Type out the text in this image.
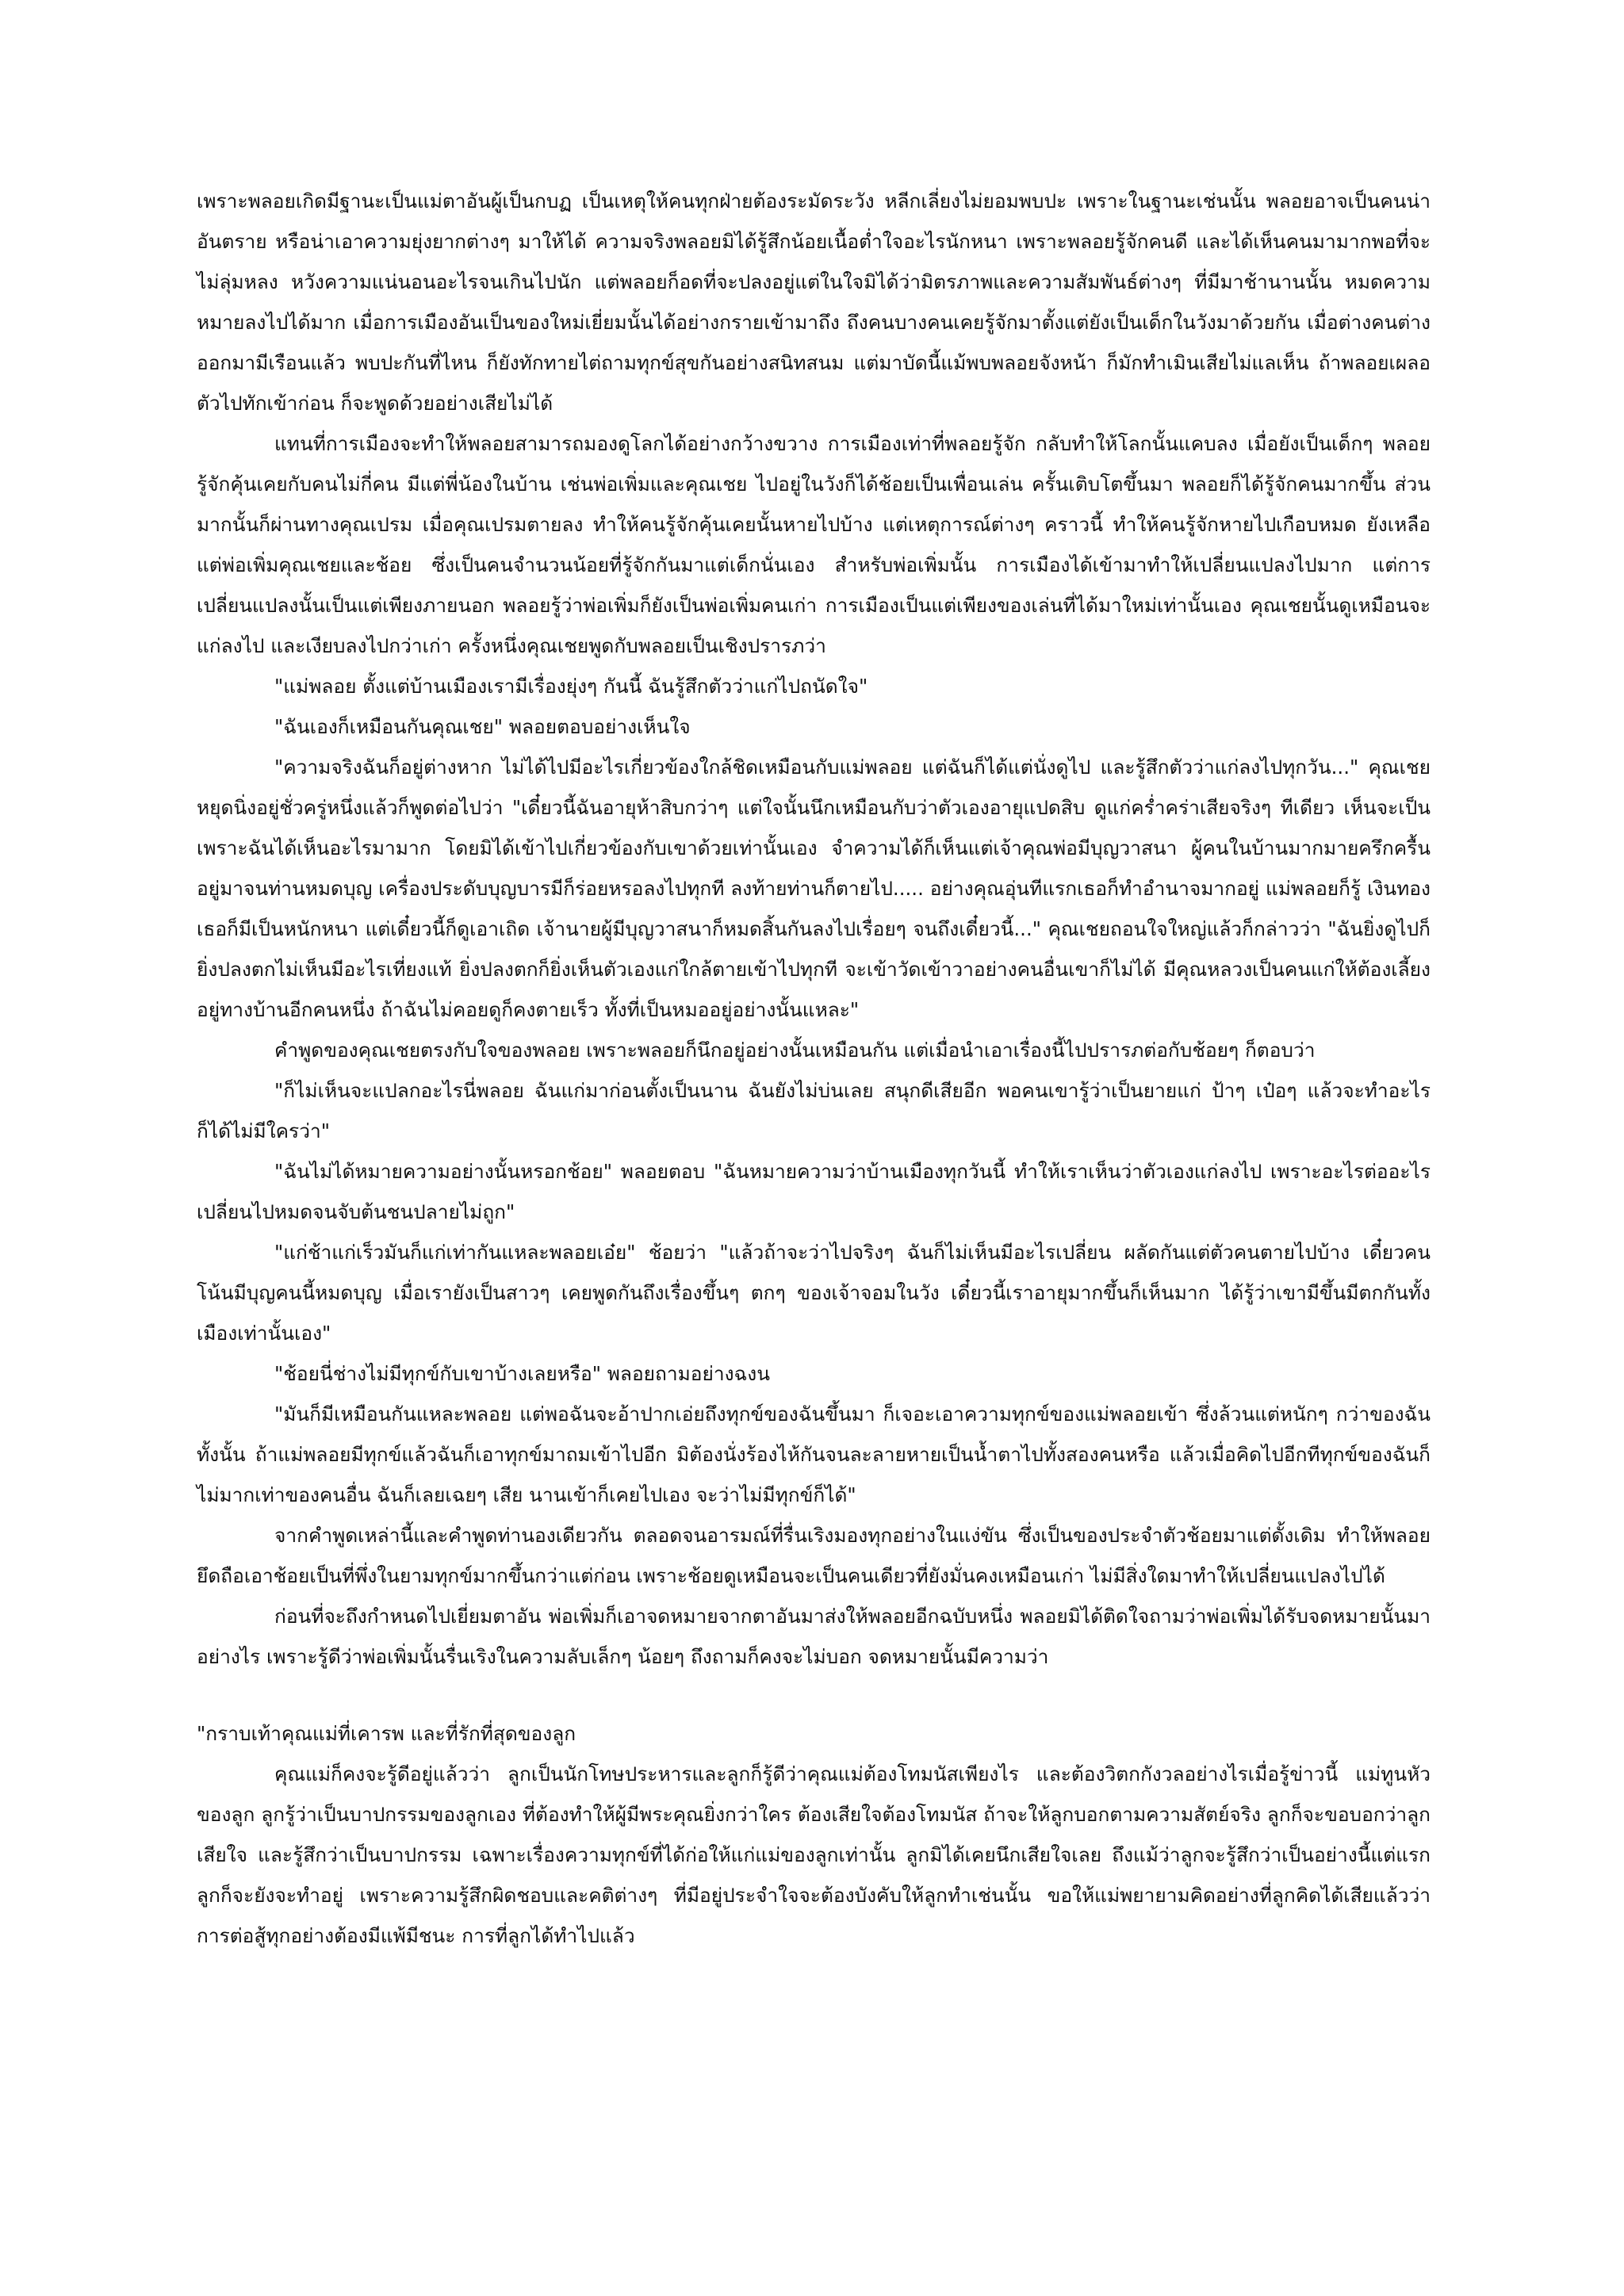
เพราะพลอยเกิดมีฐานะเป็นแม่ตาอันผู้เป็นกบฏ เป็นเหตุให้คนทุกฝ่ายต้องระมัดระวัง หลีกเลี่ยงไม่ยอมพบปะ เพราะในฐานะเช่นนั้น พลอยอาจเป็นคนน่าอันตราย หรือน่าเอาความยุ่งยากต่างๆ มาให้ได้ ความจริงพลอยมิได้รู้สึกน้อยเนื้อต่ำใจอะไรนักหนา เพราะพลอยรู้จักคนดี และได้เห็นคนมามากพอที่จะไม่ลุ่มหลง หวังความแน่นอนอะไรจนเกินไปนัก แต่พลอยก็อดที่จะปลงอยู่แต่ในใจมิได้ว่ามิตรภาพและความสัมพันธ์ต่างๆ ที่มีมาช้านานนั้น หมดความหมายลงไปได้มาก เมื่อการเมืองอันเป็นของใหม่เยี่ยมนั้นได้อย่างกรายเข้ามาถึง ถึงคนบางคนเคยรู้จักมาตั้งแต่ยังเป็นเด็กในวังมาด้วยกัน เมื่อต่างคนต่างออกมามีเรือนแล้ว พบปะกันที่ไหน ก็ยังทักทายไต่ถามทุกข์สุขกันอย่างสนิทสนม แต่มาบัดนี้แม้พบพลอยจังหน้า ก็มักทำเมินเสียไม่แลเห็น ถ้าพลอยเผลอตัวไปทักเข้าก่อน ก็จะพูดด้วยอย่างเสียไม่ได้

แทนที่การเมืองจะทำให้พลอยสามารถมองดูโลกได้อย่างกว้างขวาง การเมืองเท่าที่พลอยรู้จัก กลับทำให้โลกนั้นแคบลง เมื่อยังเป็นเด็กๆ พลอยรู้จักคุ้นเคยกับคนไม่กี่คน มีแต่พี่น้องในบ้าน เช่นพ่อเพิ่มและคุณเชย ไปอยู่ในวังก็ได้ช้อยเป็นเพื่อนเล่น ครั้นเติบโตขึ้นมา พลอยก็ได้รู้จักคนมากขึ้น ส่วนมากนั้นก็ผ่านทางคุณเปรม เมื่อคุณเปรมตายลง ทำให้คนรู้จักคุ้นเคยนั้นหายไปบ้าง แต่เหตุการณ์ต่างๆ คราวนี้ ทำให้คนรู้จักหายไปเกือบหมด ยังเหลือแต่พ่อเพิ่มคุณเชยและช้อย ซึ่งเป็นคนจำนวนน้อยที่รู้จักกันมาแต่เด็กนั่นเอง สำหรับพ่อเพิ่มนั้น การเมืองได้เข้ามาทำให้เปลี่ยนแปลงไปมาก แต่การเปลี่ยนแปลงนั้นเป็นแต่เพียงภายนอก พลอยรู้ว่าพ่อเพิ่มก็ยังเป็นพ่อเพิ่มคนเก่า การเมืองเป็นแต่เพียงของเล่นที่ได้มาใหม่เท่านั้นเอง คุณเชยนั้นดูเหมือนจะแก่ลงไป และเงียบลงไปกว่าเก่า ครั้งหนึ่งคุณเชยพูดกับพลอยเป็นเชิงปรารภว่า

"แม่พลอย ตั้งแต่บ้านเมืองเรามีเรื่องยุ่งๆ กันนี้ ฉันรู้สึกตัวว่าแก่ไปถนัดใจ"

"ฉันเองก็เหมือนกันคุณเชย" พลอยตอบอย่างเห็นใจ

"ความจริงฉันก็อยู่ต่างหาก ไม่ได้ไปมีอะไรเกี่ยวข้องใกล้ชิดเหมือนกับแม่พลอย แต่ฉันก็ได้แต่นั่งดูไป และรู้สึกตัวว่าแก่ลงไปทุกวัน..." คุณเชยหยุดนิ่งอยู่ชั่วครู่หนึ่งแล้วก็พูดต่อไปว่า "เดี๋ยวนี้ฉันอายุห้าสิบกว่าๆ แต่ใจนั้นนึกเหมือนกับว่าตัวเองอายุแปดสิบ ดูแก่คร่ำคร่าเสียจริงๆ ทีเดียว เห็นจะเป็นเพราะฉันได้เห็นอะไรมามาก โดยมิได้เข้าไปเกี่ยวข้องกับเขาด้วยเท่านั้นเอง จำความได้ก็เห็นแต่เจ้าคุณพ่อมีบุญวาสนา ผู้คนในบ้านมากมายครึกครื้น อยู่มาจนท่านหมดบุญ เครื่องประดับบุญบารมีก็ร่อยหรอลงไปทุกที ลงท้ายท่านก็ตายไป..... อย่างคุณอุ่นทีแรกเธอก็ทำอำนาจมากอยู่ แม่พลอยก็รู้ เงินทองเธอก็มีเป็นหนักหนา แต่เดี๋ยวนี้ก็ดูเอาเถิด เจ้านายผู้มีบุญวาสนาก็หมดสิ้นกันลงไปเรื่อยๆ จนถึงเดี๋ยวนี้..." คุณเชยถอนใจใหญ่แล้วก็กล่าวว่า "ฉันยิ่งดูไปก็ยิ่งปลงตกไม่เห็นมีอะไรเที่ยงแท้ ยิ่งปลงตกก็ยิ่งเห็นตัวเองแก่ใกล้ตายเข้าไปทุกที จะเข้าวัดเข้าวาอย่างคนอื่นเขาก็ไม่ได้ มีคุณหลวงเป็นคนแก่ให้ต้องเลี้ยงอยู่ทางบ้านอีกคนหนึ่ง ถ้าฉันไม่คอยดูก็คงตายเร็ว ทั้งที่เป็นหมออยู่อย่างนั้นแหละ"

คำพูดของคุณเชยตรงกับใจของพลอย เพราะพลอยก็นึกอยู่อย่างนั้นเหมือนกัน แต่เมื่อนำเอาเรื่องนี้ไปปรารภต่อกับช้อยๆ ก็ตอบว่า

"ก็ไม่เห็นจะแปลกอะไรนี่พลอย ฉันแก่มาก่อนตั้งเป็นนาน ฉันยังไม่บ่นเลย สนุกดีเสียอีก พอคนเขารู้ว่าเป็นยายแก่ ป้าๆ เป๋อๆ แล้วจะทำอะไรก็ได้ไม่มีใครว่า"

"ฉันไม่ได้หมายความอย่างนั้นหรอกช้อย" พลอยตอบ "ฉันหมายความว่าบ้านเมืองทุกวันนี้ ทำให้เราเห็นว่าตัวเองแก่ลงไป เพราะอะไรต่ออะไรเปลี่ยนไปหมดจนจับต้นชนปลายไม่ถูก"

"แก่ช้าแก่เร็วมันก็แก่เท่ากันแหละพลอยเอ๋ย" ช้อยว่า "แล้วถ้าจะว่าไปจริงๆ ฉันก็ไม่เห็นมีอะไรเปลี่ยน ผลัดกันแต่ตัวคนตายไปบ้าง เดี๋ยวคนโน้นมีบุญคนนี้หมดบุญ เมื่อเรายังเป็นสาวๆ เคยพูดกันถึงเรื่องขึ้นๆ ตกๆ ของเจ้าจอมในวัง เดี๋ยวนี้เราอายุมากขึ้นก็เห็นมาก ได้รู้ว่าเขามีขึ้นมีตกกันทั้งเมืองเท่านั้นเอง"

"ช้อยนี่ช่างไม่มีทุกข์กับเขาบ้างเลยหรือ" พลอยถามอย่างฉงน

"มันก็มีเหมือนกันแหละพลอย แต่พอฉันจะอ้าปากเอ่ยถึงทุกข์ของฉันขึ้นมา ก็เจอะเอาความทุกข์ของแม่พลอยเข้า ซึ่งล้วนแต่หนักๆ กว่าของฉันทั้งนั้น ถ้าแม่พลอยมีทุกข์แล้วฉันก็เอาทุกข์มาถมเข้าไปอีก มิต้องนั่งร้องไห้กันจนละลายหายเป็นน้ำตาไปทั้งสองคนหรือ แล้วเมื่อคิดไปอีกทีทุกข์ของฉันก็ไม่มากเท่าของคนอื่น ฉันก็เลยเฉยๆ เสีย นานเข้าก็เคยไปเอง จะว่าไม่มีทุกข์ก็ได้"

จากคำพูดเหล่านี้และคำพูดท่านองเดียวกัน ตลอดจนอารมณ์ที่รื่นเริงมองทุกอย่างในแง่ขัน ซึ่งเป็นของประจำตัวช้อยมาแต่ดั้งเดิม ทำให้พลอยยึดถือเอาช้อยเป็นที่พึ่งในยามทุกข์มากขึ้นกว่าแต่ก่อน เพราะช้อยดูเหมือนจะเป็นคนเดียวที่ยังมั่นคงเหมือนเก่า ไม่มีสิ่งใดมาทำให้เปลี่ยนแปลงไปได้

ก่อนที่จะถึงกำหนดไปเยี่ยมตาอัน พ่อเพิ่มก็เอาจดหมายจากตาอันมาส่งให้พลอยอีกฉบับหนึ่ง พลอยมิได้ติดใจถามว่าพ่อเพิ่มได้รับจดหมายนั้นมาอย่างไร เพราะรู้ดีว่าพ่อเพิ่มนั้นรื่นเริงในความลับเล็กๆ น้อยๆ ถึงถามก็คงจะไม่บอก จดหมายนั้นมีความว่า

"กราบเท้าคุณแม่ที่เคารพ และที่รักที่สุดของลูก

คุณแม่ก็คงจะรู้ดีอยู่แล้วว่า ลูกเป็นนักโทษประหารและลูกก็รู้ดีว่าคุณแม่ต้องโทมนัสเพียงไร และต้องวิตกกังวลอย่างไรเมื่อรู้ข่าวนี้ แม่ทูนหัวของลูก ลูกรู้ว่าเป็นบาปกรรมของลูกเอง ที่ต้องทำให้ผู้มีพระคุณยิ่งกว่าใคร ต้องเสียใจต้องโทมนัส ถ้าจะให้ลูกบอกตามความสัตย์จริง ลูกก็จะขอบอกว่าลูกเสียใจ และรู้สึกว่าเป็นบาปกรรม เฉพาะเรื่องความทุกข์ที่ได้ก่อให้แก่แม่ของลูกเท่านั้น ลูกมิได้เคยนึกเสียใจเลย ถึงแม้ว่าลูกจะรู้สึกว่าเป็นอย่างนี้แต่แรก ลูกก็จะยังจะทำอยู่ เพราะความรู้สึกผิดชอบและคติต่างๆ ที่มีอยู่ประจำใจจะต้องบังคับให้ลูกทำเช่นนั้น ขอให้แม่พยายามคิดอย่างที่ลูกคิดได้เสียแล้วว่า การต่อสู้ทุกอย่างต้องมีแพ้มีชนะ การที่ลูกได้ทำไปแล้ว
